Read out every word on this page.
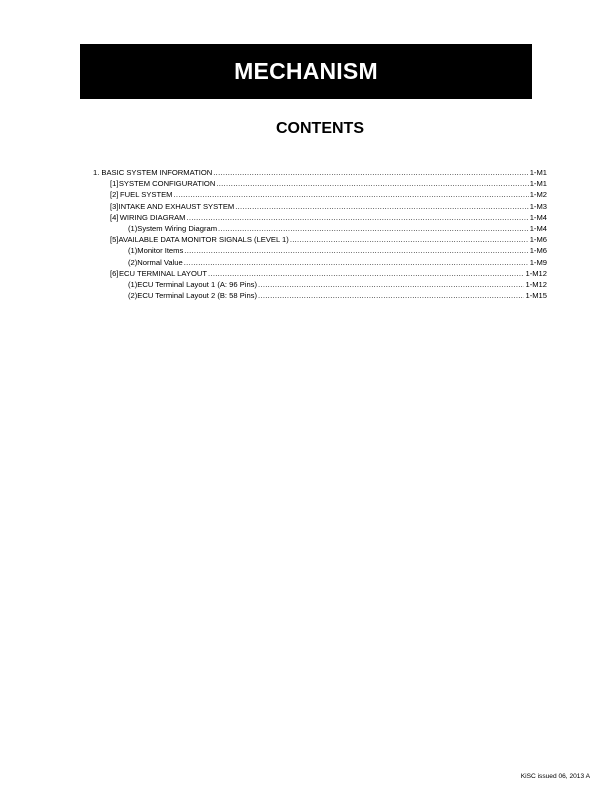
MECHANISM
CONTENTS
1. BASIC SYSTEM INFORMATION .....	1-M1
[1] SYSTEM CONFIGURATION .....	1-M1
[2] FUEL SYSTEM .....	1-M2
[3] INTAKE AND EXHAUST SYSTEM .....	1-M3
[4] WIRING DIAGRAM .....	1-M4
(1) System Wiring Diagram .....	1-M4
[5] AVAILABLE DATA MONITOR SIGNALS (LEVEL 1) .....	1-M6
(1) Monitor Items .....	1-M6
(2) Normal Value .....	1-M9
[6] ECU TERMINAL LAYOUT .....	1-M12
(1) ECU Terminal Layout 1 (A: 96 Pins) .....	1-M12
(2) ECU Terminal Layout 2 (B: 58 Pins) .....	1-M15
KiSC issued 06, 2013 A
